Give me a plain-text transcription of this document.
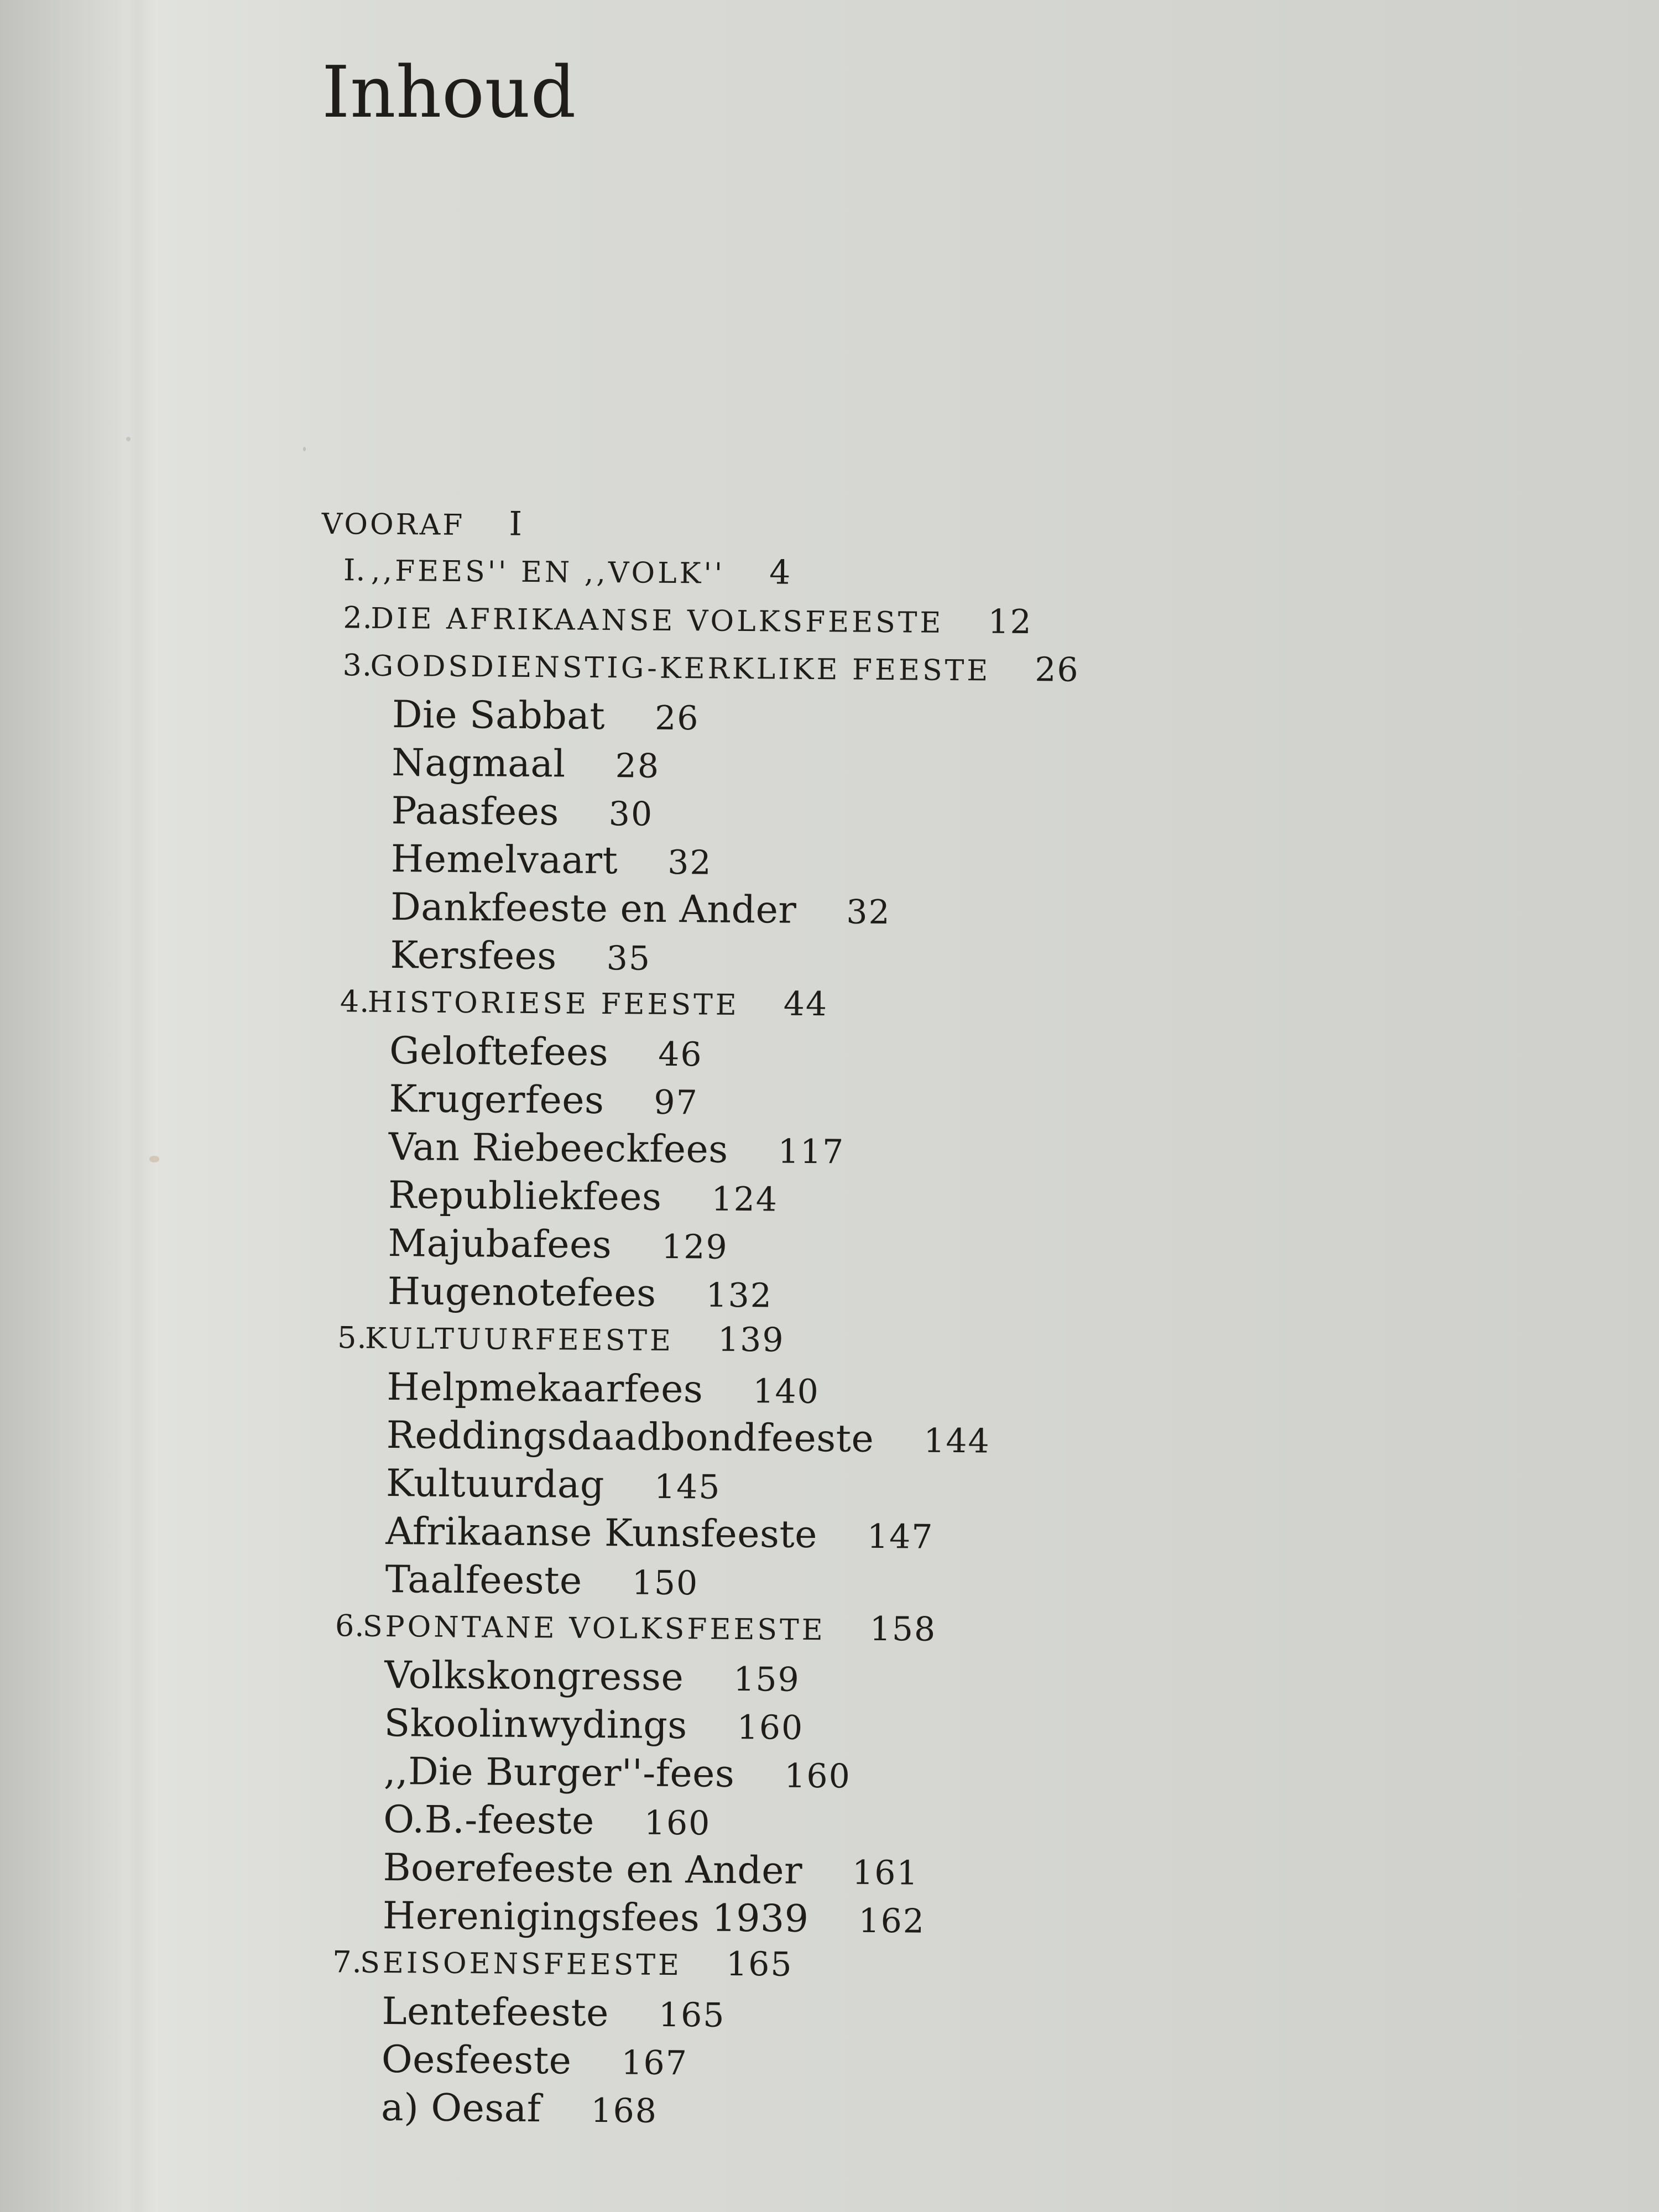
Inhoud
VOORAF I
I. ,,FEES'' EN ,,VOLK'' 4
2.
DIE AFRIKAANSE VOLKSFEESTE 12
3.
GODSDIENSTIG-KERKLIKE FEESTE 26
Die Sabbat 26
Nagmaal 28
Paasfees 30
Hemelvaart 32
Dankfeeste en Ander 32
Kersfees 35
4.
HISTORIESE FEESTE 44
Geloftefees 46
Krugerfees 97
Van Riebeeckfees 117
Republiekfees 124
Majubafees 129
Hugenotefees 132
5.
KULTUURFEESTE 139
Helpmekaarfees 140
Reddingsdaadbondfeeste 144
Kultuurdag 145
Afrikaanse Kunsfeeste 147
Taalfeeste 150
6.
SPONTANE VOLKSFEESTE 158
Volkskongresse 159
Skoolinwydings 160
,,Die Burger''-fees 160
O.B.-feeste 160
Boerefeeste en Ander 161
Herenigingsfees 1939 162
7.
SEISOENSFEESTE 165
Lentefeeste 165
Oesfeeste 167
a) Oesaf 168
